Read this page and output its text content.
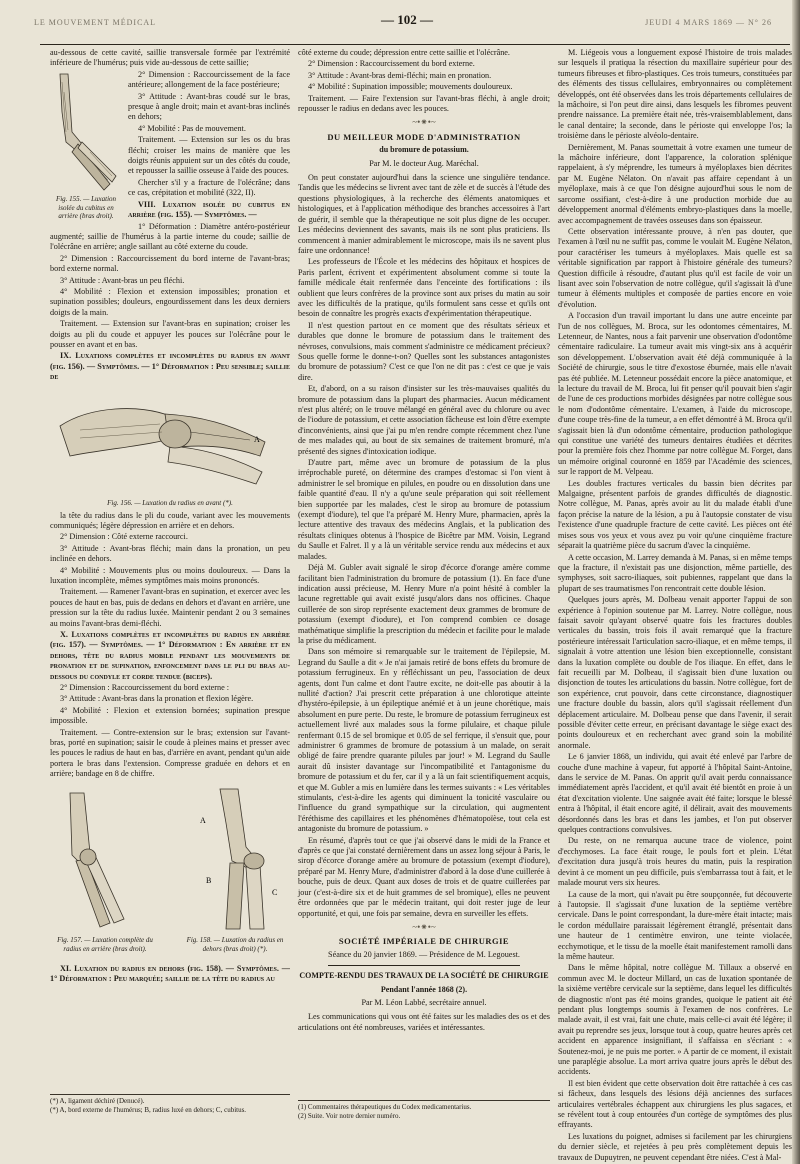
LE MOUVEMENT MÉDICAL	— 102 —	JEUDI 4 MARS 1869 — N° 26

au-dessous de cette cavité, saillie transversale formée par l'extrémité inférieure de l'humérus; puis vide au-dessous de cette saillie;

Fig. 155. — Luxation isolée du cubitus en arrière (bras droit).

2° Dimension : Raccourcissement de la face antérieure; allongement de la face postérieure;

3° Attitude : Avant-bras coudé sur le bras, presque à angle droit; main et avant-bras inclinés en dehors;

4° Mobilité : Pas de mouvement.

Traitement. — Extension sur les os du bras fléchi; croiser les mains de manière que les doigts réunis appuient sur un des côtés du coude, et repousser la saillie osseuse à l'aide des pouces.

Chercher s'il y a fracture de l'olécrâne; dans ce cas, crépitation et mobilité (322, II).

VIII. Luxation isolée du cubitus en arrière (fig. 155). — Symptômes. —

1° Déformation : Diamètre antéro-postérieur augmenté; saillie de l'humérus à la partie interne du coude; saillie de l'olécrâne en arrière; angle saillant au côté externe du coude.

2° Dimension : Raccourcissement du bord interne de l'avant-bras; bord externe normal.

3° Attitude : Avant-bras un peu fléchi.

4° Mobilité : Flexion et extension impossibles; pronation et supination possibles; douleurs, engourdissement dans les deux derniers doigts de la main.

Traitement. — Extension sur l'avant-bras en supination; croiser les doigts au pli du coude et appuyer les pouces sur l'olécrâne pour le pousser en avant et en bas.

IX. Luxations complètes et incomplètes du radius en avant (fig. 156). — Symptômes. — 1° Déformation : Peu sensible; saillie de

A
Fig. 156. — Luxation du radius en avant (*).

la tête du radius dans le pli du coude, variant avec les mouvements communiqués; légère dépression en arrière et en dehors.

2° Dimension : Côté externe raccourci.

3° Attitude : Avant-bras fléchi; main dans la pronation, un peu inclinée en dehors.

4° Mobilité : Mouvements plus ou moins douloureux. — Dans la luxation incomplète, mêmes symptômes mais moins prononcés.

Traitement. — Ramener l'avant-bras en supination, et exercer avec les pouces de haut en bas, puis de dedans en dehors et d'avant en arrière, une pression sur la tête du radius luxée. Maintenir pendant 2 ou 3 semaines au moins l'avant-bras demi-fléchi.

X. Luxations complètes et incomplètes du radius en arrière (fig. 157). — Symptômes. — 1° Déformation : En arrière et en dehors, tête du radius mobile pendant les mouvements de pronation et de supination, enfoncement dans le pli du bras au-dessous du condyle et corde tendue (biceps).

2° Dimension : Raccourcissement du bord externe :

3° Attitude : Avant-bras dans la pronation et flexion légère.

4° Mobilité : Flexion et extension bornées; supination presque impossible.

Traitement. — Contre-extension sur le bras; extension sur l'avant-bras, porté en supination; saisir le coude à pleines mains et presser avec les pouces le radius de haut en bas, d'arrière en avant, pendant qu'un aide portera le bras dans l'extension. Compresse graduée en dehors et en arrière; bandage en 8 de chiffre.

A
B
C
Fig. 157. — Luxation complète du radius en arrière (bras droit).
Fig. 158. — Luxation du radius en dehors (bras droit) (*).

XI. Luxation du radius en dehors (fig. 158). — Symptômes. — 1° Déformation : Peu marquée; saillie de la tête du radius au

(*) A, ligament déchiré (Denucé).
(*) A, bord externe de l'humérus; B, radius luxé en dehors; C, cubitus.

côté externe du coude; dépression entre cette saillie et l'olécrâne.

2° Dimension : Raccourcissement du bord externe.

3° Attitude : Avant-bras demi-fléchi; main en pronation.

4° Mobilité : Supination impossible; mouvements douloureux.

Traitement. — Faire l'extension sur l'avant-bras fléchi, à angle droit; repousser le radius en dedans avec les pouces.

~•⁕•~
DU MEILLEUR MODE D'ADMINISTRATION
du bromure de potassium.
Par M. le docteur Aug. Maréchal.

On peut constater aujourd'hui dans la science une singulière tendance. Tandis que les médecins se livrent avec tant de zèle et de succès à l'étude des questions physiologiques, à la recherche des éléments anatomiques et histologiques, et à l'application méthodique des branches accessoires à l'art de guérir, il semble que la thérapeutique ne soit plus digne de les occuper. Les médecins deviennent des savants, mais ils ne sont plus praticiens. Ils commencent à manier admirablement le microscope, mais ils ne savent plus faire une ordonnance!

Les professeurs de l'École et les médecins des hôpitaux et hospices de Paris parlent, écrivent et expérimentent absolument comme si toute la famille médicale était renfermée dans l'enceinte des fortifications : ils oublient que leurs confrères de la province sont aux prises du matin au soir avec les difficultés de la pratique, qu'ils formulent sans cesse et qu'ils ont besoin de connaître les progrès exacts d'expérimentation thérapeutique.

Il n'est question partout en ce moment que des résultats sérieux et durables que donne le bromure de potassium dans le traitement des névroses, convulsions, mais comment s'administre ce médicament précieux? Sous quelle forme le donne-t-on? Quelles sont les substances antagonistes du bromure de potassium? C'est ce que l'on ne dit pas : c'est ce que je vais dire.

Et, d'abord, on a su raison d'insister sur les très-mauvaises qualités du bromure de potassium dans la plupart des pharmacies. Aucun médicament n'est plus altéré; on le trouve mélangé en général avec du chlorure ou avec de l'iodure de potassium, et cette association fâcheuse est loin d'être exempte d'inconvénients, ainsi que j'ai pu m'en rendre compte récemment chez l'une de mes malades qui, au bout de six semaines de traitement bromuré, m'a présenté des signes d'intoxication iodique.

D'autre part, même avec un bromure de potassium de la plus irréprochable pureté, on détermine des crampes d'estomac si l'on vient à administrer le sel bromique en pilules, en poudre ou en dissolution dans une faible quantité d'eau. Il n'y a qu'une seule préparation qui soit réellement bien supportée par les malades, c'est le sirop au bromure de potassium (exempt d'iodure), tel que l'a préparé M. Henry Mure, pharmacien, après la lecture attentive des travaux des médecins Anglais, et la publication des résultats cliniques obtenus à l'hospice de Bicêtre par MM. Voisin, Legrand du Saulle et Falret. Il y a là un véritable service rendu aux médecins et aux malades.

Déjà M. Gubler avait signalé le sirop d'écorce d'orange amère comme facilitant bien l'administration du bromure de potassium (1). En face d'une indication aussi précieuse, M. Henry Mure n'a point hésité à combler la lacune regrettable qui avait existé jusqu'alors dans nos officines. Chaque cuillerée de son sirop représente exactement deux grammes de bromure de potassium (exempt d'iodure), et l'on comprend combien ce dosage mathématique simplifie la prescription du médecin et facilite pour le malade la prise du médicament.

Dans son mémoire si remarquable sur le traitement de l'épilepsie, M. Legrand du Saulle a dit « Je n'ai jamais retiré de bons effets du bromure de potassium ferrugineux. En y réfléchissant un peu, l'association de deux agents, dont l'un calme et dont l'autre excite, ne doit-elle pas aboutir à la nullité d'action? J'ai prescrit cette préparation à une chlorotique atteinte d'hystéro-épilepsie, à un épileptique anémié et à un jeune chorétique, mais absolument en pure perte. Du reste, le bromure de potassium ferrugineux est actuellement livré aux malades sous la forme pilulaire, et chaque pilule renfermant 0.15 de sel bromique et 0.05 de sel ferrique, il s'ensuit que, pour administrer 6 grammes de bromure de potassium à un malade, on serait obligé de faire prendre quarante pilules par jour! » M. Legrand du Saulle aurait dû insister davantage sur l'incompatibilité et l'antagonisme du bromure de potassium et du fer, car il y a là un fait scientifiquement acquis, et que M. Gubler a mis en lumière dans les termes suivants : « Les véritables stimulants, c'est-à-dire les agents qui diminuent la tonicité vasculaire ou l'influence du grand sympathique sur la circulation, qui augmentent l'éréthisme des capillaires et les phénomènes d'hématopoïèse, tout cela est antagoniste du bromure de potassium. »

En résumé, d'après tout ce que j'ai observé dans le midi de la France et d'après ce que j'ai constaté dernièrement dans un assez long séjour à Paris, le sirop d'écorce d'orange amère au bromure de potassium (exempt d'iodure), préparé par M. Henry Mure, d'administrer d'abord à la dose d'une cuillerée à bouche, puis de deux. Quant aux doses de trois et de quatre cuillerées par jour (c'est-à-dire six et de huit grammes de sel bromique), elles ne peuvent être ordonnées que par le médecin traitant, qui doit rester juge de leur opportunité, et qui, une fois par semaine, devra en surveiller les effets.

~•⁕•~
SOCIÉTÉ IMPÉRIALE DE CHIRURGIE
Séance du 20 janvier 1869. — Présidence de M. Legouest.
COMPTE-RENDU DES TRAVAUX DE LA SOCIÉTÉ DE CHIRURGIE
Pendant l'année 1868 (2).
Par M. Léon Labbé, secrétaire annuel.

Les communications qui vous ont été faites sur les maladies des os et des articulations ont été nombreuses, variées et intéressantes.

(1) Commentaires thérapeutiques du Codex medicamentarius.
(2) Suite. Voir notre dernier numéro.

M. Liégeois vous a longuement exposé l'histoire de trois malades sur lesquels il pratiqua la résection du maxillaire supérieur pour des tumeurs fibreuses et fibro-plastiques. Ces trois tumeurs, constituées par des éléments des tissus cellulaires, embryonnaires ou complètement développés, ont été observées dans les trois départements cellulaires de la mâchoire, si l'on peut dire ainsi, dans lesquels les fibromes peuvent prendre naissance. La première était née, très-vraisemblablement, dans le canal dentaire; la seconde, dans le périoste qui enveloppe l'os; la troisième dans le périoste alvéolo-dentaire.

Dernièrement, M. Panas soumettait à votre examen une tumeur de la mâchoire inférieure, dont l'apparence, la coloration splénique rappelaient, à s'y méprendre, les tumeurs à myéloplaxes bien décrites par M. Eugène Nélaton. On n'avait pas affaire cependant à un myéloplaxe, mais à ce que l'on désigne aujourd'hui sous le nom de sarcome ossifiant, c'est-à-dire à une production morbide due au développement anormal d'éléments embryo-plastiques dans la moelle, avec accompagnement de travées osseuses dans son épaisseur.

Cette observation intéressante prouve, à n'en pas douter, que l'examen à l'œil nu ne suffit pas, comme le voulait M. Eugène Nélaton, pour caractériser les tumeurs à myéloplaxes. Mais quelle est sa véritable signification par rapport à l'histoire générale des tumeurs? Question difficile à résoudre, d'autant plus qu'il est facile de voir un lisant avec soin l'observation de notre collègue, qu'il s'agissait là d'une tumeur à éléments multiples et composée de parties encore en voie d'évolution.

A l'occasion d'un travail important lu dans une autre enceinte par l'un de nos collègues, M. Broca, sur les odontomes cémentaires, M. Letenneur, de Nantes, nous a fait parvenir une observation d'odontôme cémentaire radiculaire. La tumeur avait mis vingt-six ans à acquérir son développement. L'observation avait été déjà communiquée à la Société de chirurgie, sous le titre d'exostose éburnée, mais elle n'avait pas été publiée. M. Letenneur possédait encore la pièce anatomique, et la lecture du travail de M. Broca, lui fit penser qu'il pouvait bien s'agir de l'une de ces productions morbides désignées par notre collègue sous le nom d'odontôme cémentaire. L'examen, à l'aide du microscope, d'une coupe très-fine de la tumeur, a en effet démontré à M. Broca qu'il s'agissait bien là d'un odontôme cémentaire, production pathologique qui constitue une variété des tumeurs dentaires étudiées et décrites pour la première fois chez l'homme par notre collègue M. Forget, dans un mémoire original couronné en 1859 par l'Académie des sciences, sur le rapport de M. Velpeau.

Les doubles fractures verticales du bassin bien décrites par Malgaigne, présentent parfois de grandes difficultés de diagnostic. Notre collègue, M. Panas, après avoir au lit du malade établi d'une façon précise la nature de la lésion, a pu à l'autopsie constater de visu l'existence d'une quadruple fracture de cette cavité. Les pièces ont été mises sous vos yeux et vous avez pu voir qu'une cinquième fracture séparait la quatrième pièce du sacrum d'avec la cinquième.

A cette occasion, M. Larrey demanda à M. Panas, si en même temps que la fracture, il n'existait pas une disjonction, même partielle, des symphyses, soit sacro-iliaques, soit pubiennes, rappelant que dans la plupart de ses traumatismes l'on rencontrait cette double lésion.

Quelques jours après, M. Dolbeau venait apporter l'appui de son expérience à l'opinion soutenue par M. Larrey. Notre collègue, nous faisait savoir qu'ayant observé quatre fois les fractures doubles verticales du bassin, trois fois il avait remarqué que la fracture postérieure intéressait l'articulation sacro-iliaque, et en même temps, il signalait à votre attention une lésion bien exceptionnelle, consistant dans la luxation complète ou double de l'os iliaque. En effet, dans le fait recueilli par M. Dolbeau, il s'agissait bien d'une luxation ou disjonction de toutes les articulations du bassin. Notre collègue, fort de son expérience, crut pouvoir, dans cette circonstance, diagnostiquer une fracture double du bassin, alors qu'il s'agissait réellement d'un déplacement articulaire. M. Dolbeau pense que dans l'avenir, il serait possible d'éviter cette erreur, en précisant davantage le siège exact des points douloureux et en recherchant avec grand soin la mobilité anormale.

Le 6 janvier 1868, un individu, qui avait été enlevé par l'arbre de couche d'une machine à vapeur, fut apporté à l'hôpital Saint-Antoine, dans le service de M. Panas. On apprit qu'il avait perdu connaissance immédiatement après l'accident, et qu'il avait été bientôt en proie à un état d'excitation violente. Une saignée avait été faite; lorsque le blessé entra à l'hôpital, il était encore agité, il délirait, avait des mouvements désordonnés dans les bras et dans les jambes, et l'on put observer quelques contractions convulsives.

Du reste, on ne remarqua aucune trace de violence, point d'ecchymoses. La face était rouge, le pouls fort et plein. L'état d'excitation dura jusqu'à trois heures du matin, puis la respiration devint à ce moment un peu difficile, puis s'embarrassa tout à fait, et le malade mourut vers six heures.

La cause de la mort, qui n'avait pu être soupçonnée, fut découverte à l'autopsie. Il s'agissait d'une luxation de la septième vertèbre cervicale. Dans le point correspondant, la dure-mère était intacte; mais le cordon médullaire paraissait légèrement étranglé, présentait dans une hauteur de 1 centimètre environ, une teinte violacée, ecchymotique, et le tissu de la moelle était manifestement ramolli dans la même hauteur.

Dans le même hôpital, notre collègue M. Tillaux a observé en commun avec M. le docteur Millard, un cas de luxation spontanée de la sixième vertèbre cervicale sur la septième, dans lequel les difficultés de diagnostic n'ont pas été moins grandes, quoique le patient ait été pendant plus longtemps soumis à l'examen de nos confrères. Le malade avait, il est vrai, fait une chute, mais celle-ci avait été légère; il avait pu reprendre ses jeux, lorsque tout à coup, quatre heures après cet accident en apparence insignifiant, il s'affaissa en s'écriant : « Soutenez-moi, je ne puis me porter. » A partir de ce moment, il existait une paraplégie absolue. La mort arriva quatre jours après le début des accidents.

Il est bien évident que cette observation doit être rattachée à ces cas si fâcheux, dans lesquels des lésions déjà anciennes des surfaces articulaires vertébrales échappent aux chirurgiens les plus sagaces, et se révèlent tout à coup entourées d'un cortège de symptômes des plus effrayants.

Les luxations du poignet, admises si facilement par les chirurgiens du dernier siècle, et rejetées à peu près complètement depuis les travaux de Dupuytren, ne peuvent cependant être niées. C'est à Mal-
